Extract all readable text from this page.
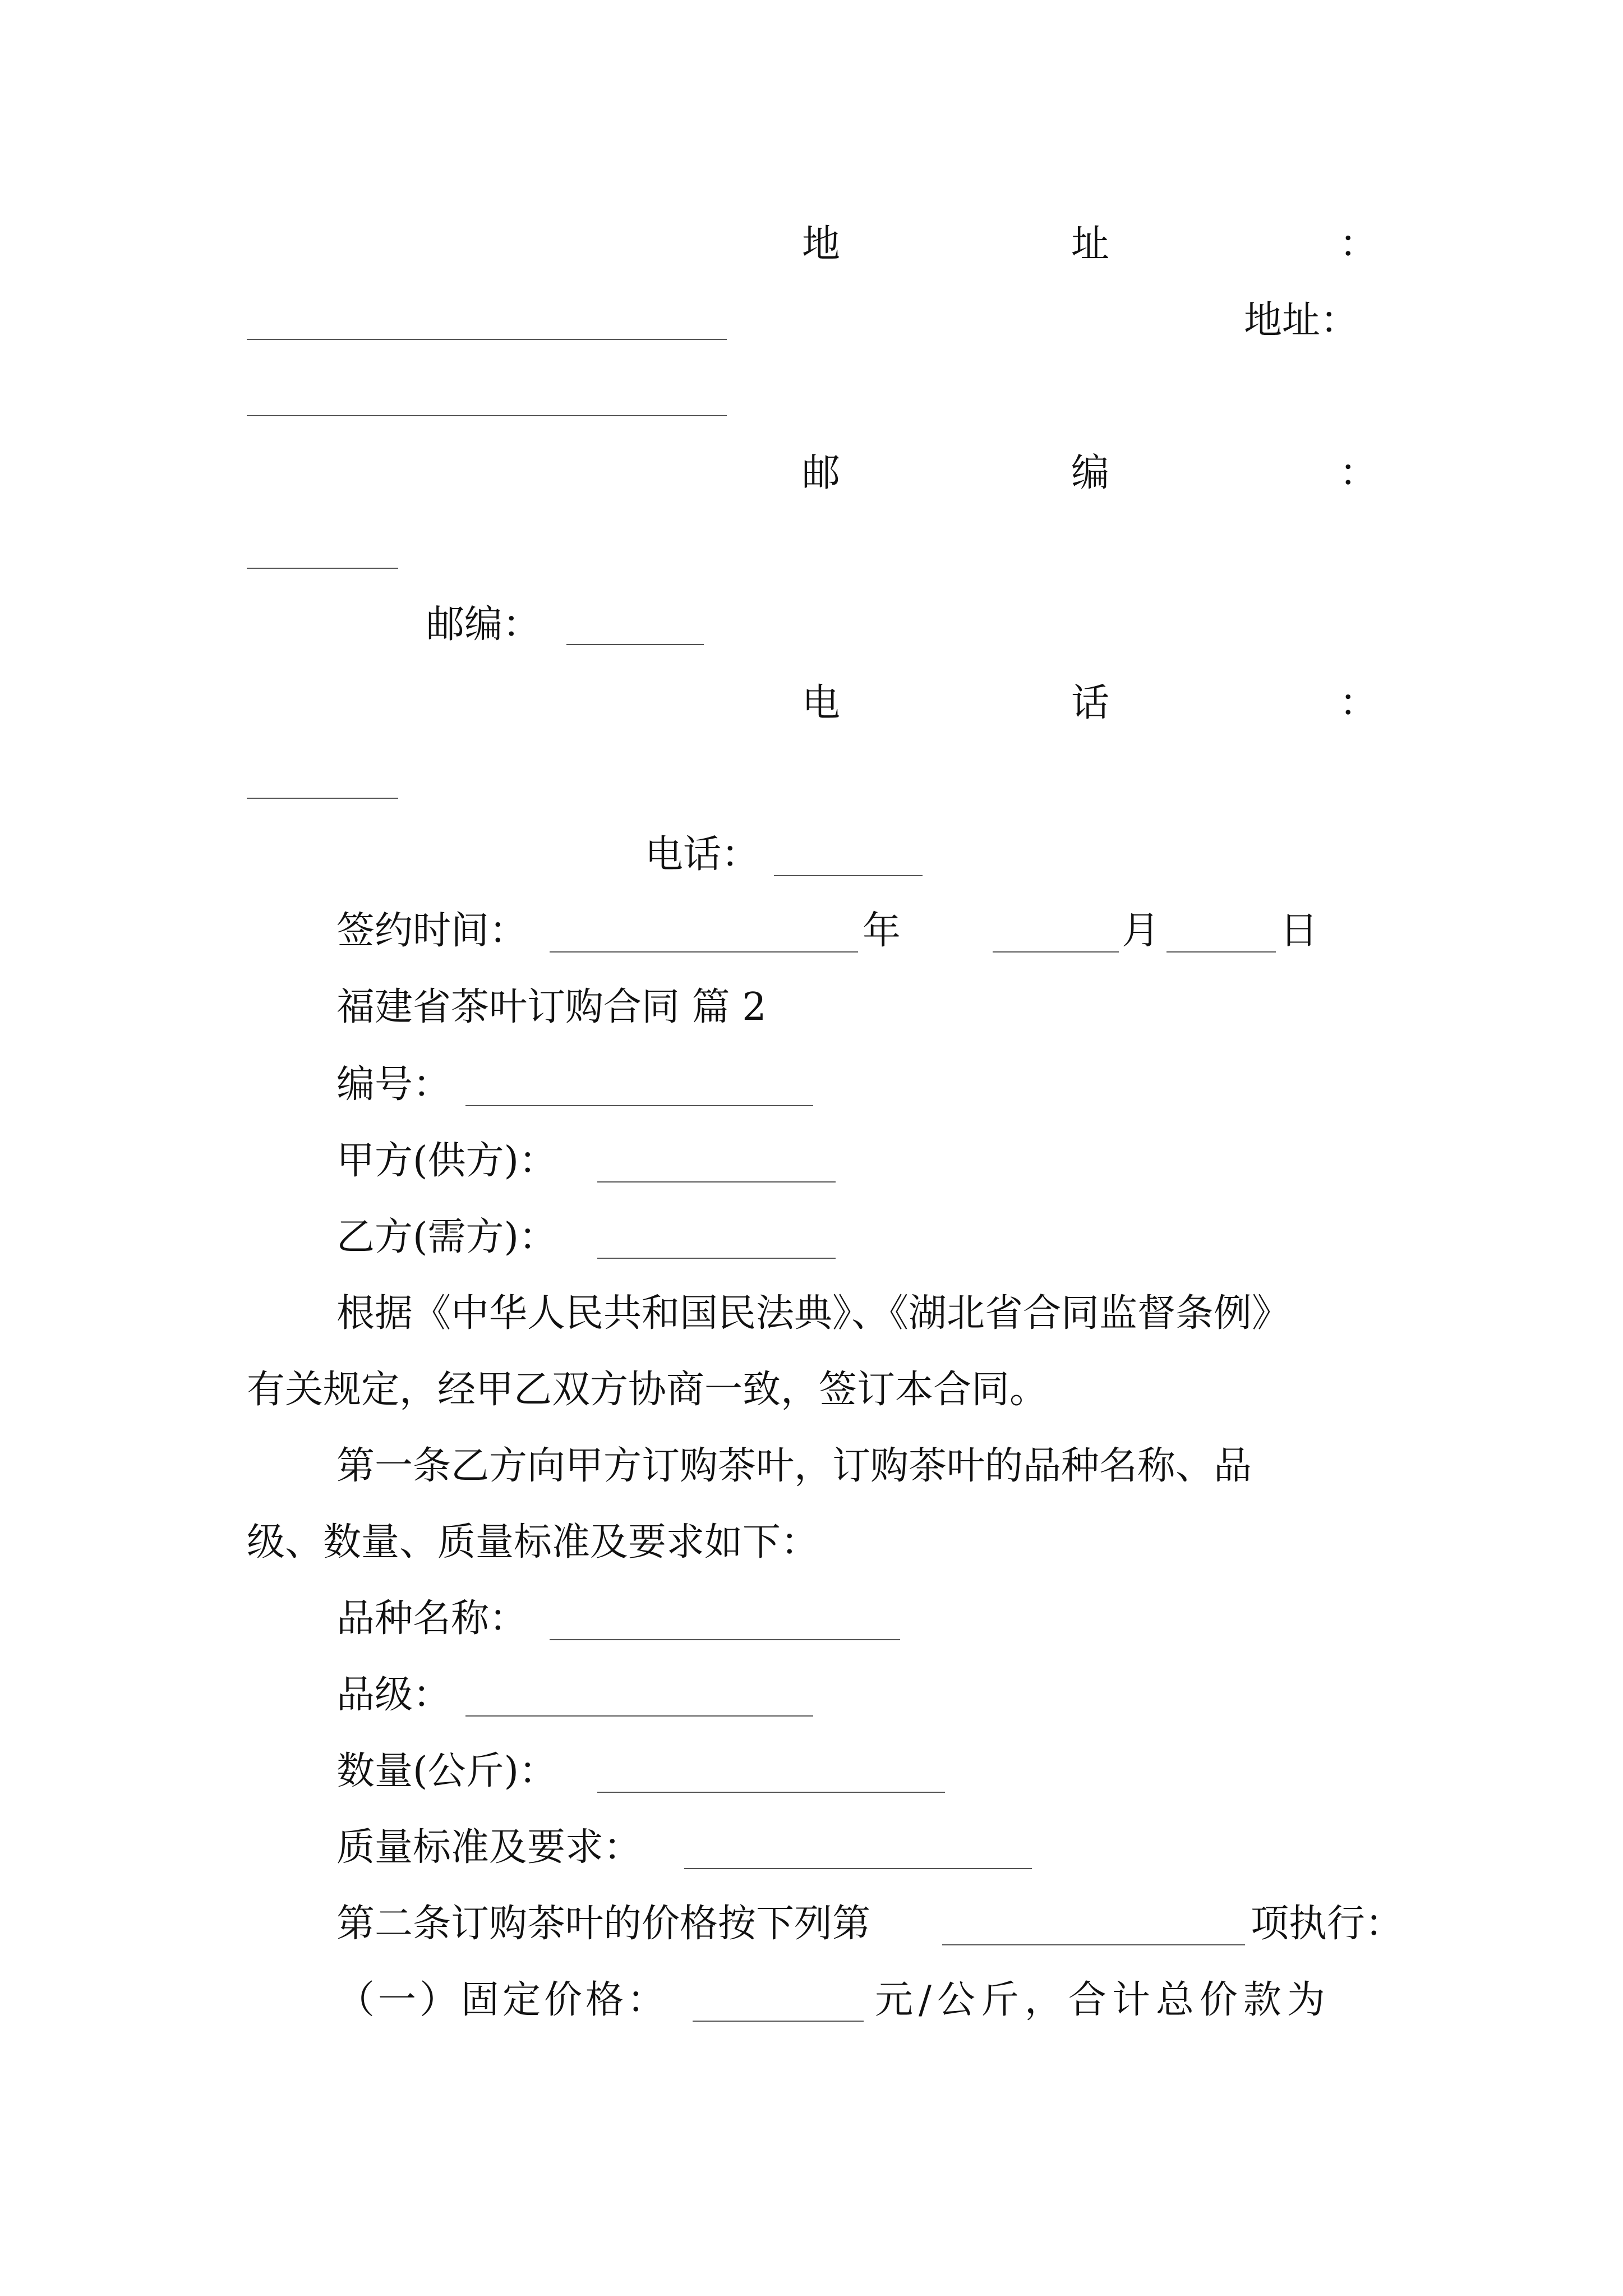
地	址	：
地址：
邮	编	：
邮编：
电	话	：
电话：
签约时间：	年	月	日
福建省茶叶订购合同 篇 2
编号：
甲方(供方)：
乙方(需方)：
根据《中华人民共和国民法典》、《湖北省合同监督条例》
有关规定，经甲乙双方协商一致，签订本合同。
第一条乙方向甲方订购茶叶，订购茶叶的品种名称、品
级、数量、质量标准及要求如下：
品种名称：
品级：
数量(公斤)：
质量标准及要求：
第二条订购茶叶的价格按下列第	项执行：
（一）固定价格：	元/公斤，合计总价款为
